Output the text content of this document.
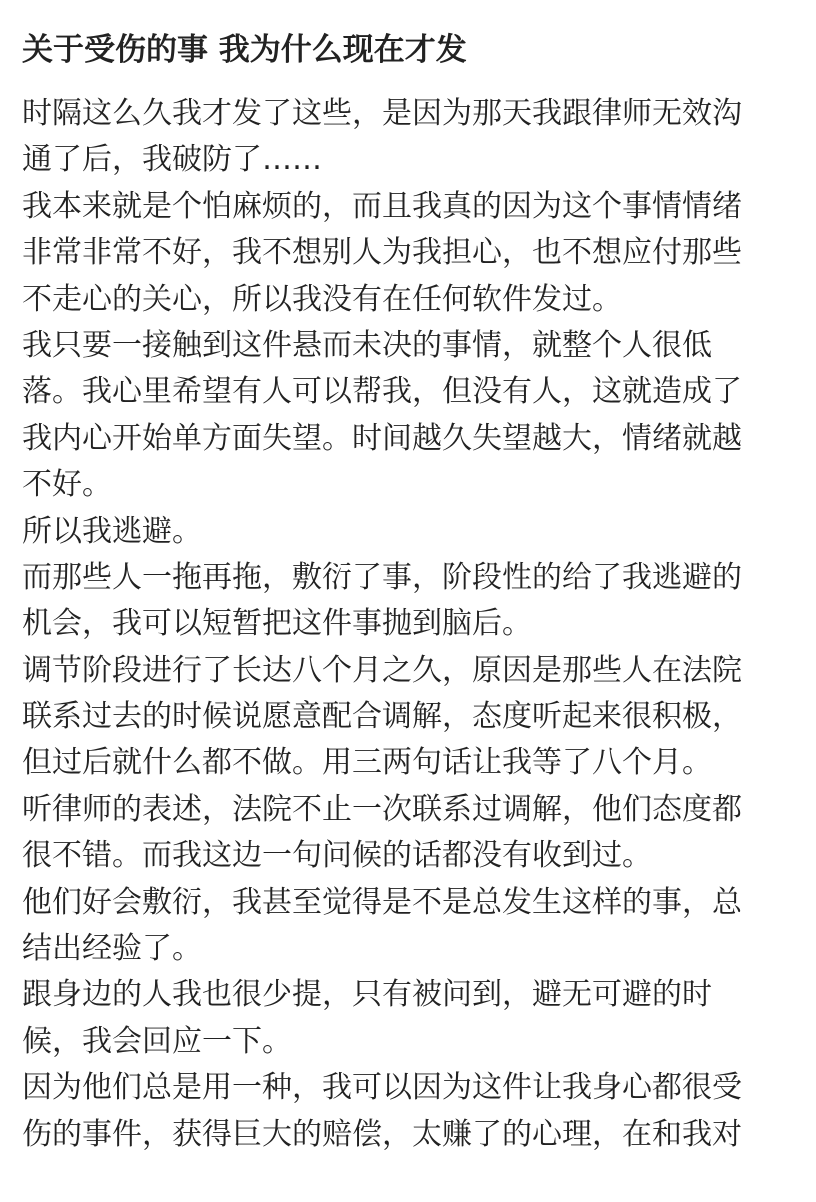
关于受伤的事 我为什么现在才发
时隔这么久我才发了这些，是因为那天我跟律师无效沟
通了后，我破防了……
我本来就是个怕麻烦的，而且我真的因为这个事情情绪
非常非常不好，我不想别人为我担心，也不想应付那些
不走心的关心，所以我没有在任何软件发过。
我只要一接触到这件悬而未决的事情，就整个人很低
落。我心里希望有人可以帮我，但没有人，这就造成了
我内心开始单方面失望。时间越久失望越大，情绪就越
不好。
所以我逃避。
而那些人一拖再拖，敷衍了事，阶段性的给了我逃避的
机会，我可以短暂把这件事抛到脑后。
调节阶段进行了长达八个月之久，原因是那些人在法院
联系过去的时候说愿意配合调解，态度听起来很积极，
但过后就什么都不做。用三两句话让我等了八个月。
听律师的表述，法院不止一次联系过调解，他们态度都
很不错。而我这边一句问候的话都没有收到过。
他们好会敷衍，我甚至觉得是不是总发生这样的事，总
结出经验了。
跟身边的人我也很少提，只有被问到，避无可避的时
候，我会回应一下。
因为他们总是用一种，我可以因为这件让我身心都很受
伤的事件，获得巨大的赔偿，太赚了的心理，在和我对
